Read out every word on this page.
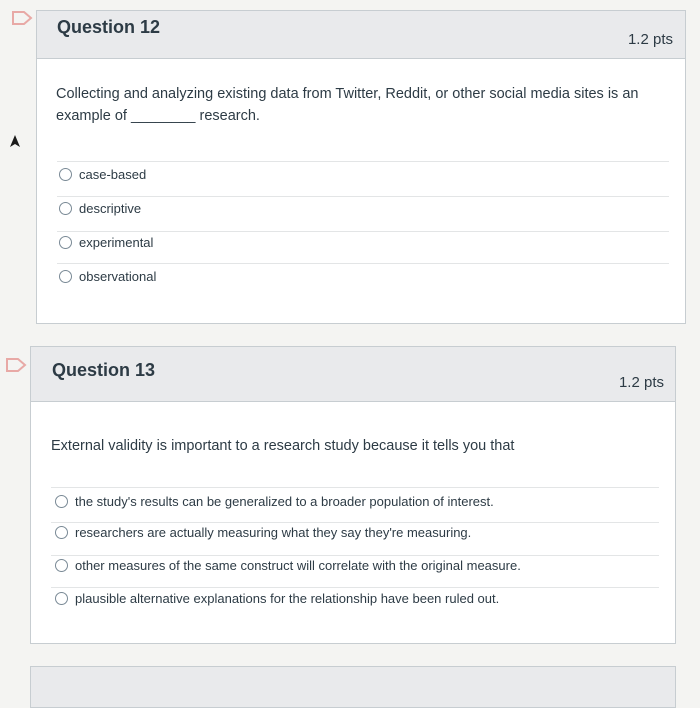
Question 12
1.2 pts
Collecting and analyzing existing data from Twitter, Reddit, or other social media sites is an example of ________ research.
case-based
descriptive
experimental
observational
Question 13
1.2 pts
External validity is important to a research study because it tells you that
the study's results can be generalized to a broader population of interest.
researchers are actually measuring what they say they're measuring.
other measures of the same construct will correlate with the original measure.
plausible alternative explanations for the relationship have been ruled out.
